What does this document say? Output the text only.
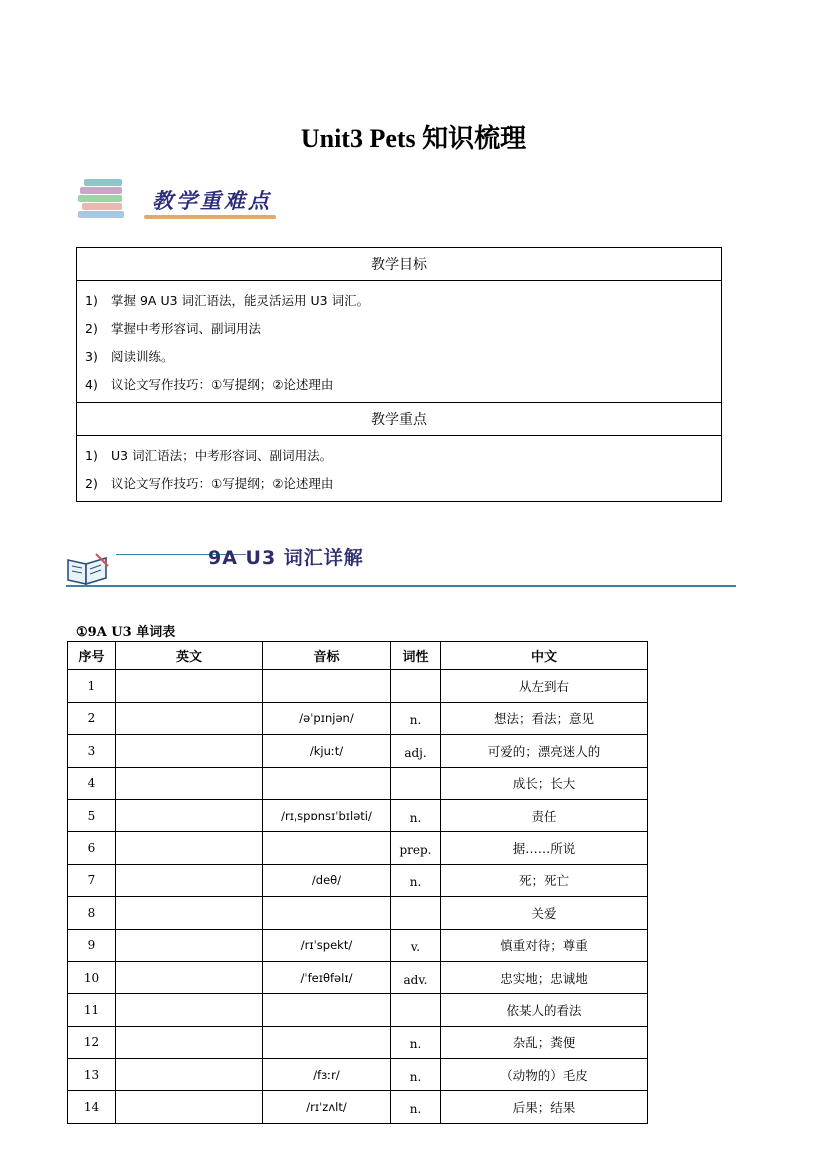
Unit3 Pets 知识梳理
教学重难点
教学目标

1) 掌握 9A U3 词汇语法，能灵活运用 U3 词汇。
2) 掌握中考形容词、副词用法
3) 阅读训练。
4) 议论文写作技巧：①写提纲；②论述理由

教学重点

1) U3 词汇语法；中考形容词、副词用法。
2) 议论文写作技巧：①写提纲；②论述理由
9A U3 词汇详解
①9A U3 单词表
序号	英文	音标	词性	中文
1				从左到右
2		/əˈpɪnjən/	n.	想法；看法；意见
3		/kjuːt/	adj.	可爱的；漂亮迷人的
4				成长；长大
5		/rɪˌspɒnsɪˈbɪləti/	n.	责任
6			prep.	据……所说
7		/deθ/	n.	死；死亡
8				关爱
9		/rɪˈspekt/	v.	慎重对待；尊重
10		/ˈfeɪθfəlɪ/	adv.	忠实地；忠诚地
11				依某人的看法
12			n.	杂乱；粪便
13		/fɜːr/	n.	（动物的）毛皮
14		/rɪˈzʌlt/	n.	后果；结果
